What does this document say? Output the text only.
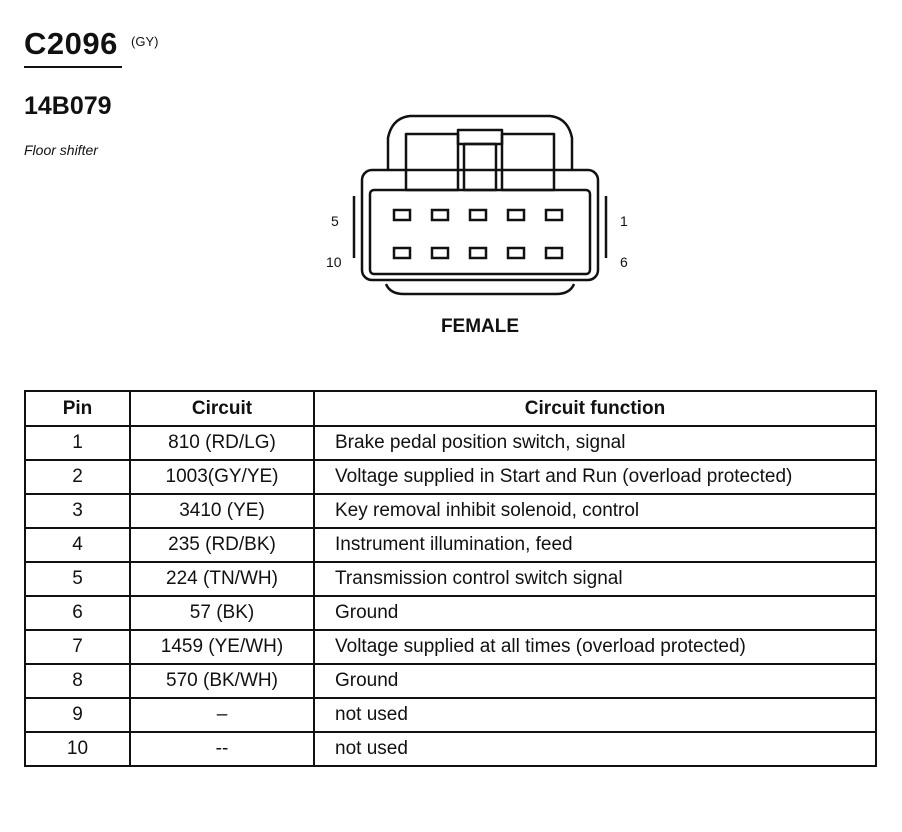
C2096 (GY)
14B079
Floor shifter
5	1
10	6
FEMALE
Pin	Circuit	Circuit function
1	810 (RD/LG)	Brake pedal position switch, signal
2	1003(GY/YE)	Voltage supplied in Start and Run (overload protected)
3	3410 (YE)	Key removal inhibit solenoid, control
4	235 (RD/BK)	Instrument illumination, feed
5	224 (TN/WH)	Transmission control switch signal
6	57 (BK)	Ground
7	1459 (YE/WH)	Voltage supplied at all times (overload protected)
8	570 (BK/WH)	Ground
9	–	not used
10	--	not used
